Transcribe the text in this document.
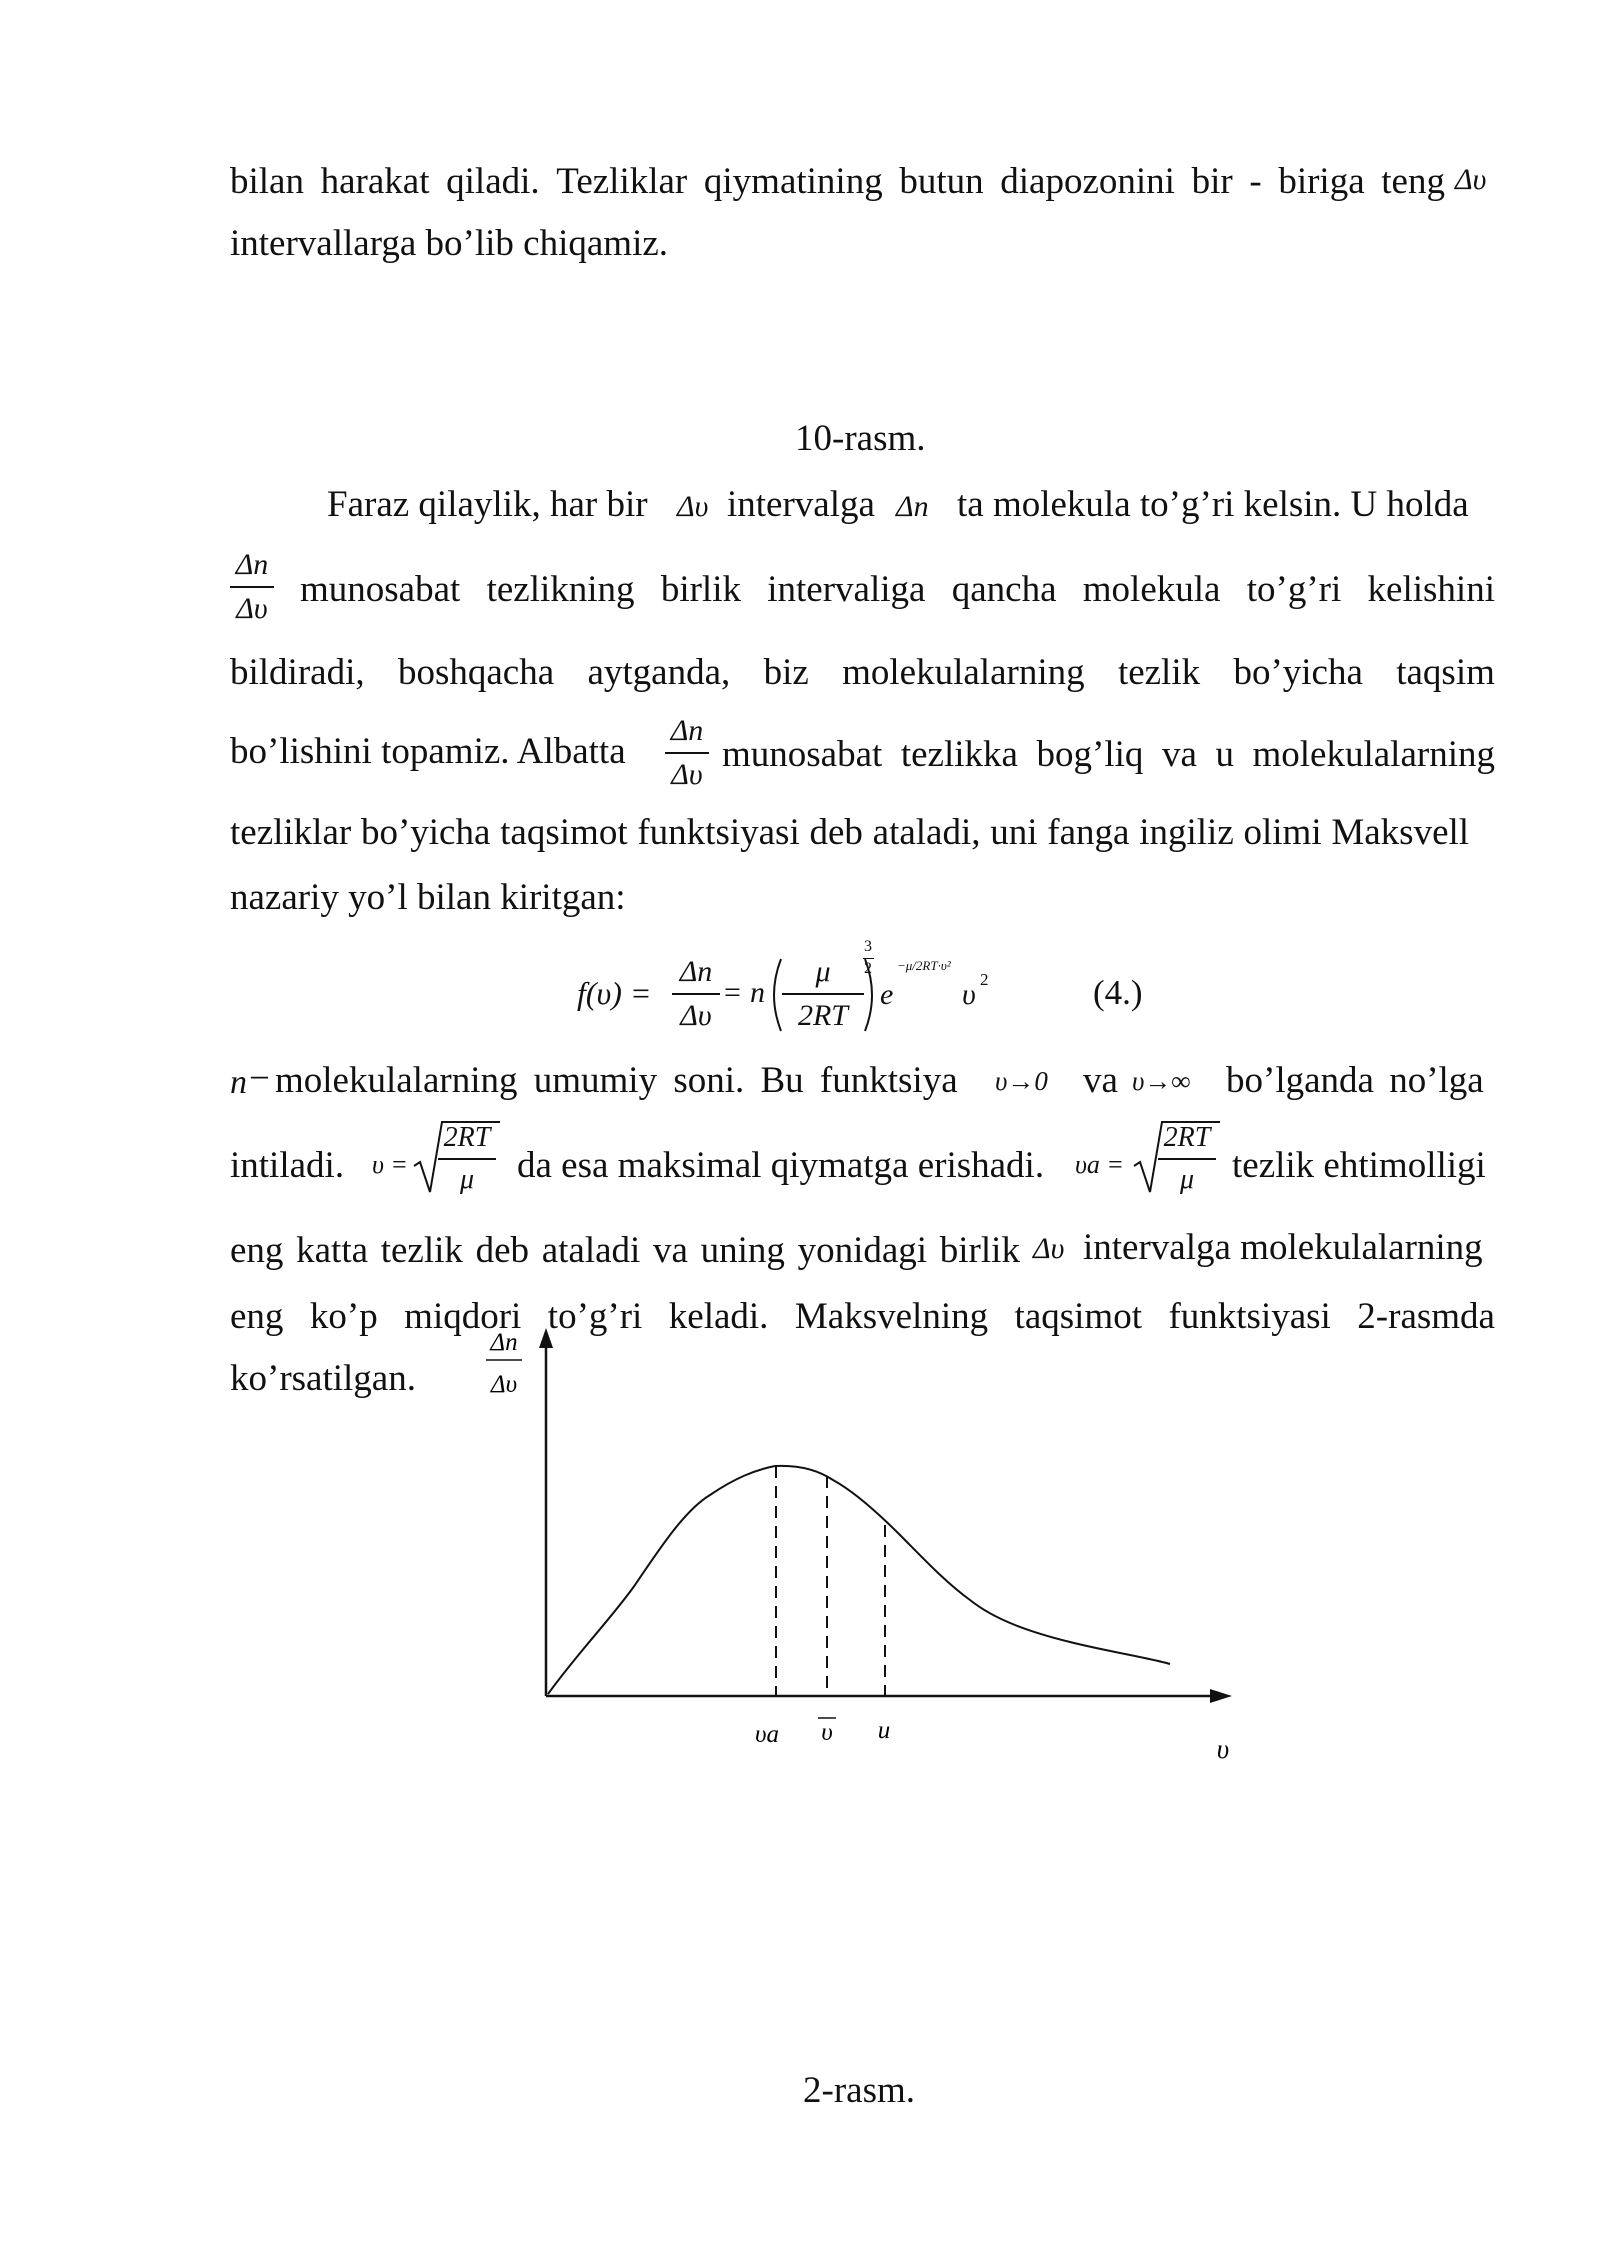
bilan harakat qiladi. Tezliklar qiymatining butun diapozonini bir - biriga teng Δυ
intervallarga bo’lib chiqamiz.
10-rasm.
Faraz qilaylik, har bir Δυ intervalga Δn ta molekula to’g’ri kelsin. U holda
Δn
Δυ munosabat tezlikning birlik intervaliga qancha molekula to’g’ri kelishini
bildiradi, boshqacha aytganda, biz molekulalarning tezlik bo’yicha taqsim
bo’lishini topamiz. Albatta
Δn
Δυ munosabat tezlikka bog’liq va u molekulalarning
tezliklar bo’yicha taqsimot funktsiyasi deb ataladi, uni fanga ingiliz olimi Maksvell
nazariy yo’l bilan kiritgan:
f(υ) =
Δn
Δυ
= n
μ
2RT
3
2
e
−μ/2RT·υ²
υ 2	(4.)
n − molekulalarning umumiy soni. Bu funktsiya υ→0 va υ→∞ bo’lganda no’lga
intiladi. υ =
2RT
μ	da esa maksimal qiymatga erishadi. υa =
2RT
μ	tezlik ehtimolligi
eng katta tezlik deb ataladi va uning yonidagi birlik Δυ intervalga molekulalarning
eng ko’p miqdori to’g’ri keladi. Maksvelning taqsimot funktsiyasi 2-rasmda
ko’rsatilgan.
Δn
Δυ
υa υ u
υ
2-rasm.
